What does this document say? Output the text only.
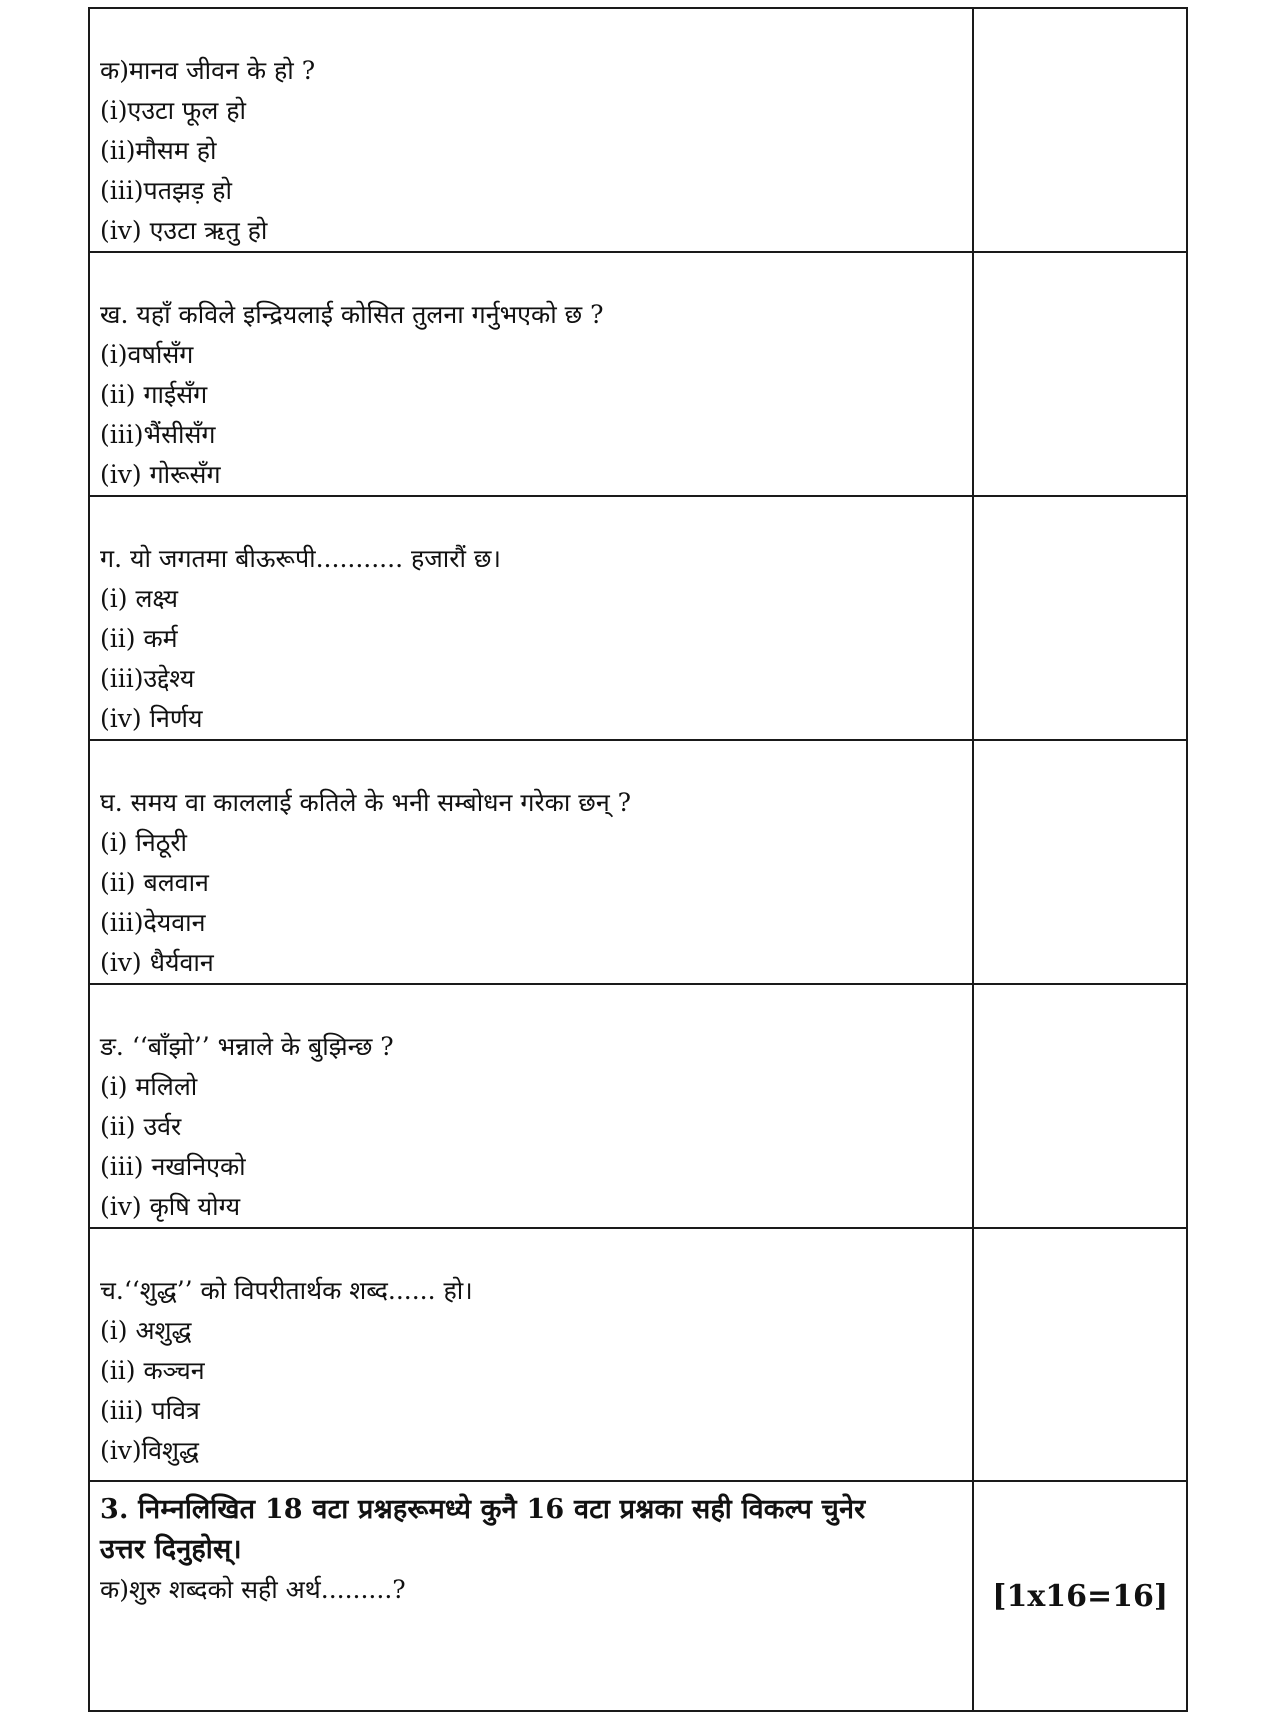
क)मानव जीवन के हो ?
(i)एउटा फूल हो
(ii)मौसम हो
(iii)पतझड़ हो
(iv) एउटा ऋतु हो	

ख. यहाँ कविले इन्द्रियलाई कोसित तुलना गर्नुभएको छ ?
(i)वर्षासँग
(ii) गाईसँग
(iii)भैंसीसँग
(iv) गोरूसँग	

ग. यो जगतमा बीऊरूपी........... हजारौं छ।
(i) लक्ष्य
(ii) कर्म
(iii)उद्देश्य
(iv) निर्णय	

घ. समय वा काललाई कतिले के भनी सम्बोधन गरेका छन् ?
(i) निठूरी
(ii) बलवान
(iii)देयवान
(iv) धैर्यवान	

ङ. ‘‘बाँझो’’ भन्नाले के बुझिन्छ ?
(i) मलिलो
(ii) उर्वर
(iii) नखनिएको
(iv) कृषि योग्य	

च.‘‘शुद्ध’’ को विपरीतार्थक शब्द...... हो।
(i) अशुद्ध
(ii) कञ्चन
(iii) पवित्र
(iv)विशुद्ध	

3. निम्नलिखित 18 वटा प्रश्नहरूमध्ये कुनै 16 वटा प्रश्नका सही विकल्प चुनेर
उत्तर दिनुहोस्।
क)शुरु शब्दको सही अर्थ.........?	[1x16=16]
